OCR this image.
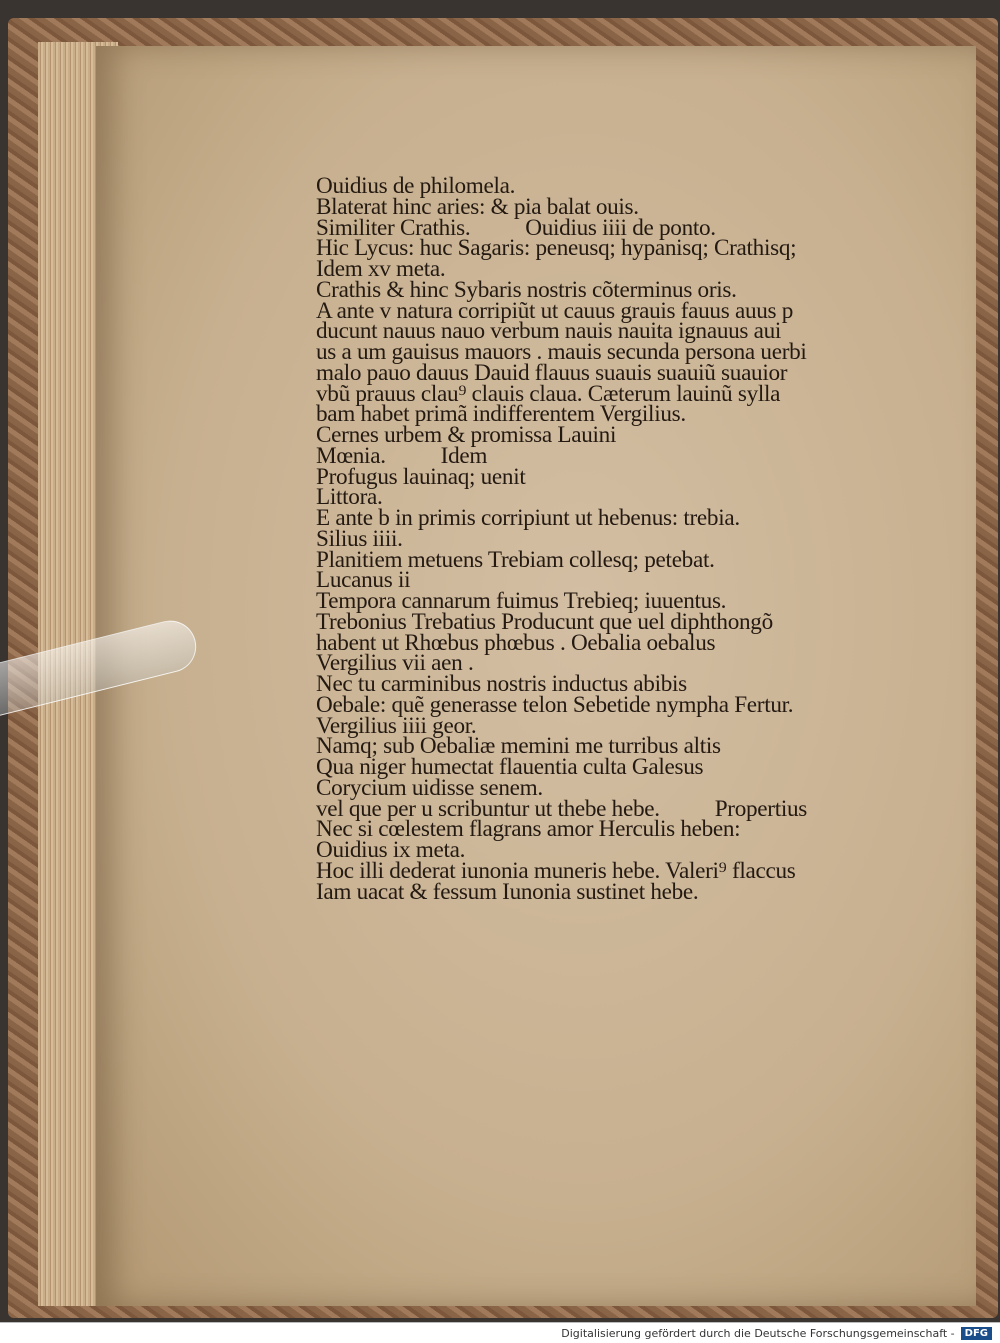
Ouidius de philomela.
Blaterat hinc aries: & pia balat ouis.
Similiter Crathis.          Ouidius iiii de ponto.
Hic Lycus: huc Sagaris: peneusq; hypanisq; Crathisq;
Idem xv meta.
Crathis & hinc Sybaris nostris cõterminus oris.
A ante v natura corripiũt ut cauus grauis fauus auus p
ducunt nauus nauo verbum nauis nauita ignauus aui
us a um gauisus mauors . mauis secunda persona uerbi
malo pauo dauus Dauid flauus suauis suauiũ suauior
vbũ prauus clau⁹ clauis claua. Cæterum lauinũ sylla
bam habet primã indifferentem Vergilius.
Cernes urbem & promissa Lauini
Mœnia.          Idem
Profugus lauinaq; uenit
Littora.
E ante b in primis corripiunt ut hebenus: trebia.
Silius iiii.
Planitiem metuens Trebiam collesq; petebat.
Lucanus ii
Tempora cannarum fuimus Trebieq; iuuentus.
Trebonius Trebatius Producunt que uel diphthongõ
habent ut Rhœbus phœbus . Oebalia oebalus
Vergilius vii aen .
Nec tu carminibus nostris inductus abibis
Oebale: quẽ generasse telon Sebetide nympha Fertur.
Vergilius iiii geor.
Namq; sub Oebaliæ memini me turribus altis
Qua niger humectat flauentia culta Galesus
Corycium uidisse senem.
vel que per u scribuntur ut thebe hebe.          Propertius
Nec si cœlestem flagrans amor Herculis heben:
Ouidius ix meta.
Hoc illi dederat iunonia muneris hebe. Valeri⁹ flaccus
Iam uacat & fessum Iunonia sustinet hebe.
Digitalisierung gefördert durch die Deutsche Forschungsgemeinschaft -	DFG
